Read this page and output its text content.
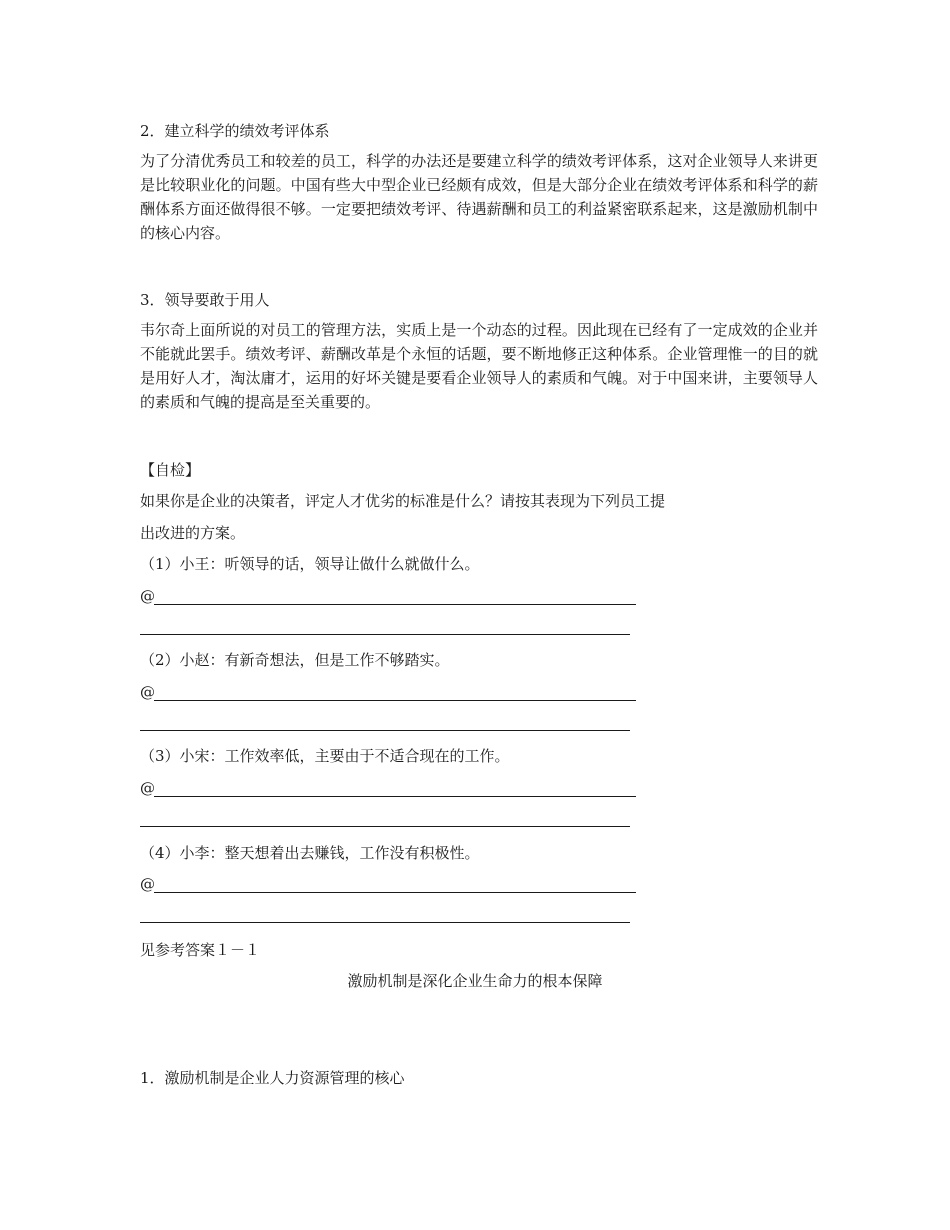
2．建立科学的绩效考评体系

为了分清优秀员工和较差的员工，科学的办法还是要建立科学的绩效考评体系，这对企业领导人来讲更是比较职业化的问题。中国有些大中型企业已经颇有成效，但是大部分企业在绩效考评体系和科学的薪酬体系方面还做得很不够。一定要把绩效考评、待遇薪酬和员工的利益紧密联系起来，这是激励机制中的核心内容。

3．领导要敢于用人

韦尔奇上面所说的对员工的管理方法，实质上是一个动态的过程。因此现在已经有了一定成效的企业并不能就此罢手。绩效考评、薪酬改革是个永恒的话题，要不断地修正这种体系。企业管理惟一的目的就是用好人才，淘汰庸才，运用的好坏关键是要看企业领导人的素质和气魄。对于中国来讲，主要领导人的素质和气魄的提高是至关重要的。

【自检】
如果你是企业的决策者，评定人才优劣的标准是什么？请按其表现为下列员工提
出改进的方案。
（1）小王：听领导的话，领导让做什么就做什么。
@
（2）小赵：有新奇想法，但是工作不够踏实。
@
（3）小宋：工作效率低，主要由于不适合现在的工作。
@
（4）小李：整天想着出去赚钱，工作没有积极性。
@
见参考答案１－１
激励机制是深化企业生命力的根本保障
1．激励机制是企业人力资源管理的核心
